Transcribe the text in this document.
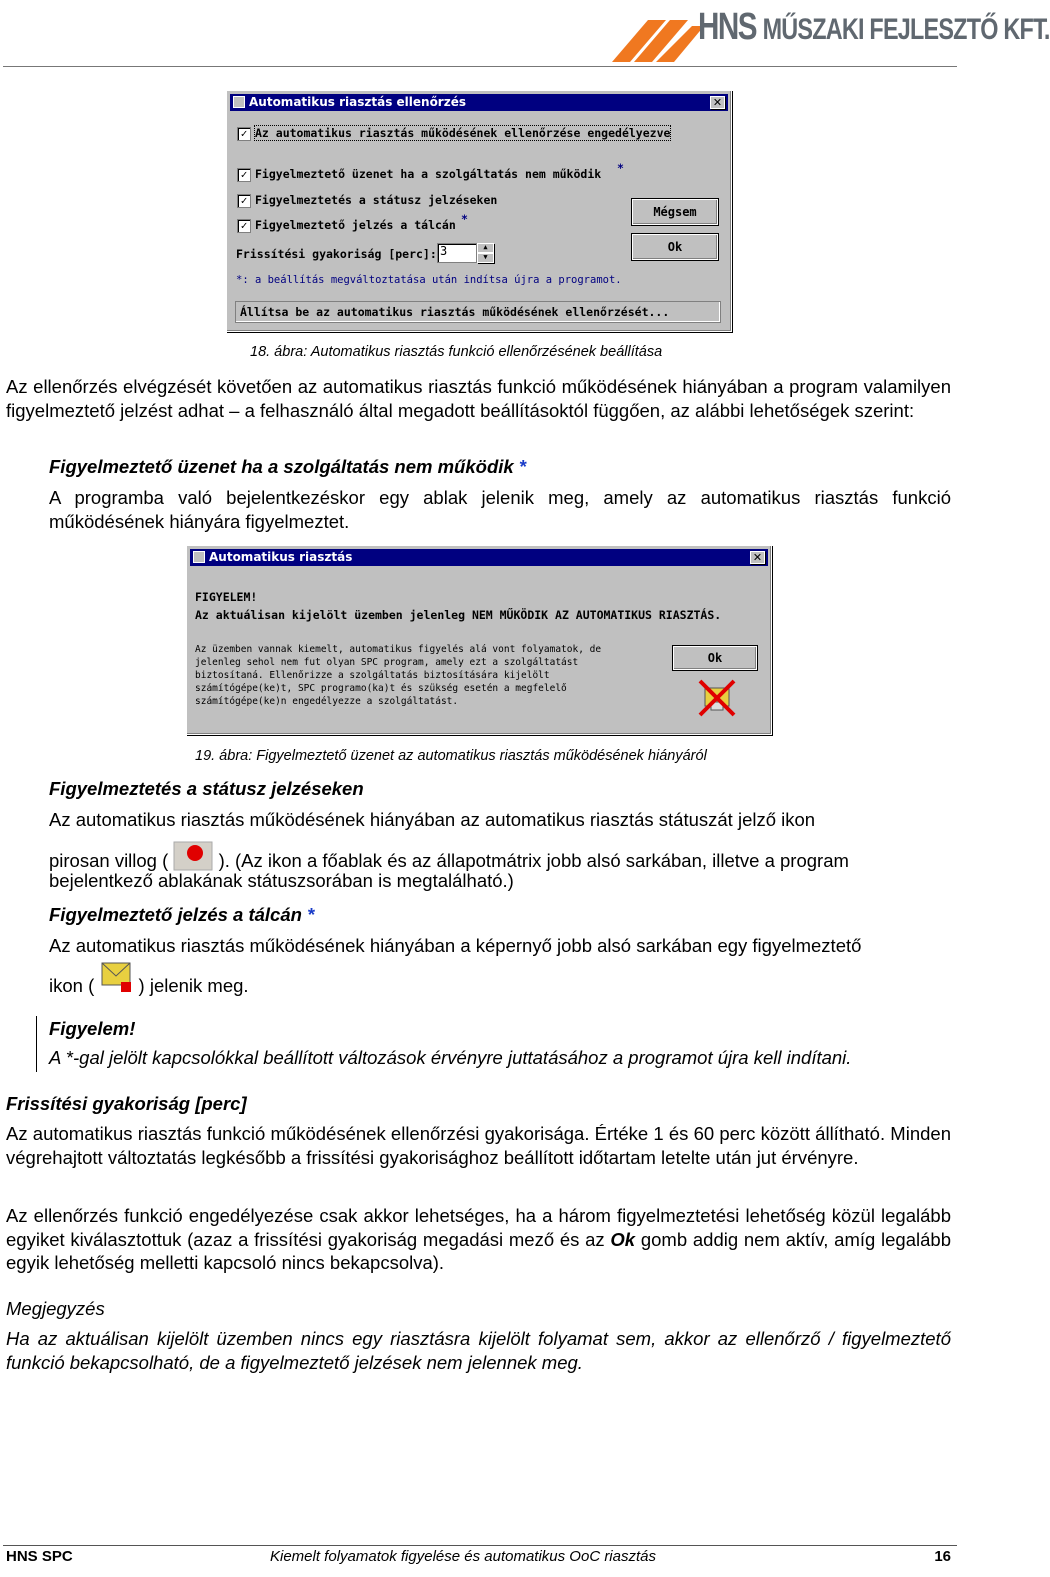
HNS MŰSZAKI FEJLESZTŐ KFT.
Automatikus riasztás ellenőrzés	✕
✓ Az automatikus riasztás működésének ellenőrzése engedélyezve
✓ Figyelmeztető üzenet ha a szolgáltatás nem működik *
✓ Figyelmeztetés a státusz jelzéseken
✓ Figyelmeztető jelzés a tálcán *
Frissítési gyakoriság [perc]: 3	▲
▼
*: a beállítás megváltoztatása után indítsa újra a programot.
Mégsem
Ok
Állítsa be az automatikus riasztás működésének ellenőrzését...
18. ábra: Automatikus riasztás funkció ellenőrzésének beállítása
Az ellenőrzés elvégzését követően az automatikus riasztás funkció működésének hiányában a program valamilyen figyelmeztető jelzést adhat – a felhasználó által megadott beállításoktól függően, az alábbi lehetőségek szerint:
Figyelmeztető üzenet ha a szolgáltatás nem működik *
A programba való bejelentkezéskor egy ablak jelenik meg, amely az automatikus riasztás funkció működésének hiányára figyelmeztet.
Automatikus riasztás	✕
FIGYELEM!
Az aktuálisan kijelölt üzemben jelenleg NEM MŰKÖDIK AZ AUTOMATIKUS RIASZTÁS.
Az üzemben vannak kiemelt, automatikus figyelés alá vont folyamatok, de
jelenleg sehol nem fut olyan SPC program, amely ezt a szolgáltatást
biztosítaná. Ellenőrizze a szolgáltatás biztosítására kijelölt
számítógépe(ke)t, SPC programo(ka)t és szükség esetén a megfelelő
számítógépe(ke)n engedélyezze a szolgáltatást.
Ok
19. ábra: Figyelmeztető üzenet az automatikus riasztás működésének hiányáról
Figyelmeztetés a státusz jelzéseken
Az automatikus riasztás működésének hiányában az automatikus riasztás státuszát jelző ikon
pirosan villog (	). (Az ikon a főablak és az állapotmátrix jobb alsó sarkában, illetve a program
bejelentkező ablakának státuszsorában is megtalálható.)
Figyelmeztető jelzés a tálcán *
Az automatikus riasztás működésének hiányában a képernyő jobb alsó sarkában egy figyelmeztető
ikon ( ) jelenik meg.
Figyelem!
A *-gal jelölt kapcsolókkal beállított változások érvényre juttatásához a programot újra kell indítani.
Frissítési gyakoriság [perc]
Az automatikus riasztás funkció működésének ellenőrzési gyakorisága. Értéke 1 és 60 perc között állítható. Minden végrehajtott változtatás legkésőbb a frissítési gyakorisághoz beállított időtartam letelte után jut érvényre.
Az ellenőrzés funkció engedélyezése csak akkor lehetséges, ha a három figyelmeztetési lehetőség közül legalább egyiket kiválasztottuk (azaz a frissítési gyakoriság megadási mező és az Ok gomb addig nem aktív, amíg legalább egyik lehetőség melletti kapcsoló nincs bekapcsolva).
Megjegyzés
Ha az aktuálisan kijelölt üzemben nincs egy riasztásra kijelölt folyamat sem, akkor az ellenőrző / figyelmeztető funkció bekapcsolható, de a figyelmeztető jelzések nem jelennek meg.
HNS SPC	Kiemelt folyamatok figyelése és automatikus OoC riasztás	16
